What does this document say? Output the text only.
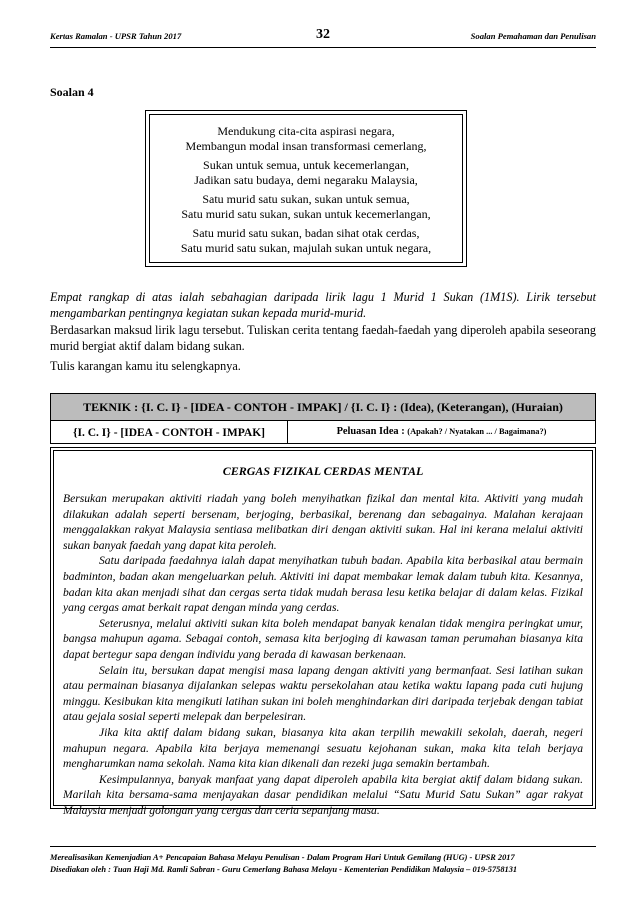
Kertas Ramalan - UPSR Tahun 2017	32	Soalan Pemahaman dan Penulisan
Soalan 4
Mendukung cita-cita aspirasi negara,
Membangun modal insan transformasi cemerlang,
Sukan untuk semua, untuk kecemerlangan,
Jadikan satu budaya, demi negaraku Malaysia,
Satu murid satu sukan, sukan untuk semua,
Satu murid satu sukan, sukan untuk kecemerlangan,
Satu murid satu sukan, badan sihat otak cerdas,
Satu murid satu sukan, majulah sukan untuk negara,
Empat rangkap di atas ialah sebahagian daripada lirik lagu 1 Murid 1 Sukan (1M1S). Lirik tersebut mengambarkan pentingnya kegiatan sukan kepada murid-murid.
Berdasarkan maksud lirik lagu tersebut. Tuliskan cerita tentang faedah-faedah yang diperoleh apabila seseorang murid bergiat aktif dalam bidang sukan.
Tulis karangan kamu itu selengkapnya.
TEKNIK : {I. C. I} - [IDEA - CONTOH - IMPAK] / {I. C. I} : (Idea), (Keterangan), (Huraian)
{I. C. I} - [IDEA - CONTOH - IMPAK]	Peluasan Idea : (Apakah? / Nyatakan ... / Bagaimana?)
CERGAS FIZIKAL CERDAS MENTAL

Bersukan merupakan aktiviti riadah yang boleh menyihatkan fizikal dan mental kita. Aktiviti yang mudah dilakukan adalah seperti bersenam, berjoging, berbasikal, berenang dan sebagainya. Malahan kerajaan menggalakkan rakyat Malaysia sentiasa melibatkan diri dengan aktiviti sukan. Hal ini kerana melalui aktiviti sukan banyak faedah yang dapat kita peroleh.

Satu daripada faedahnya ialah dapat menyihatkan tubuh badan. Apabila kita berbasikal atau bermain badminton, badan akan mengeluarkan peluh. Aktiviti ini dapat membakar lemak dalam tubuh kita. Kesannya, badan kita akan menjadi sihat dan cergas serta tidak mudah berasa lesu ketika belajar di dalam kelas. Fizikal yang cergas amat berkait rapat dengan minda yang cerdas.

Seterusnya, melalui aktiviti sukan kita boleh mendapat banyak kenalan tidak mengira peringkat umur, bangsa mahupun agama. Sebagai contoh, semasa kita berjoging di kawasan taman perumahan biasanya kita dapat bertegur sapa dengan individu yang berada di kawasan berkenaan.

Selain itu, bersukan dapat mengisi masa lapang dengan aktiviti yang bermanfaat. Sesi latihan sukan atau permainan biasanya dijalankan selepas waktu persekolahan atau ketika waktu lapang pada cuti hujung minggu. Kesibukan kita mengikuti latihan sukan ini boleh menghindarkan diri daripada terjebak dengan tabiat atau gejala sosial seperti melepak dan berpelesiran.

Jika kita aktif dalam bidang sukan, biasanya kita akan terpilih mewakili sekolah, daerah, negeri mahupun negara. Apabila kita berjaya memenangi sesuatu kejohanan sukan, maka kita telah berjaya mengharumkan nama sekolah. Nama kita kian dikenali dan rezeki juga semakin bertambah.

Kesimpulannya, banyak manfaat yang dapat diperoleh apabila kita bergiat aktif dalam bidang sukan. Marilah kita bersama-sama menjayakan dasar pendidikan melalui “Satu Murid Satu Sukan” agar rakyat Malaysia menjadi golongan yang cergas dan ceria sepanjang masa.

Merealisasikan Kemenjadian A+ Pencapaian Bahasa Melayu Penulisan - Dalam Program Hari Untuk Gemilang (HUG) - UPSR 2017
Disediakan oleh : Tuan Haji Md. Ramli Sabran - Guru Cemerlang Bahasa Melayu - Kementerian Pendidikan Malaysia – 019-5758131
